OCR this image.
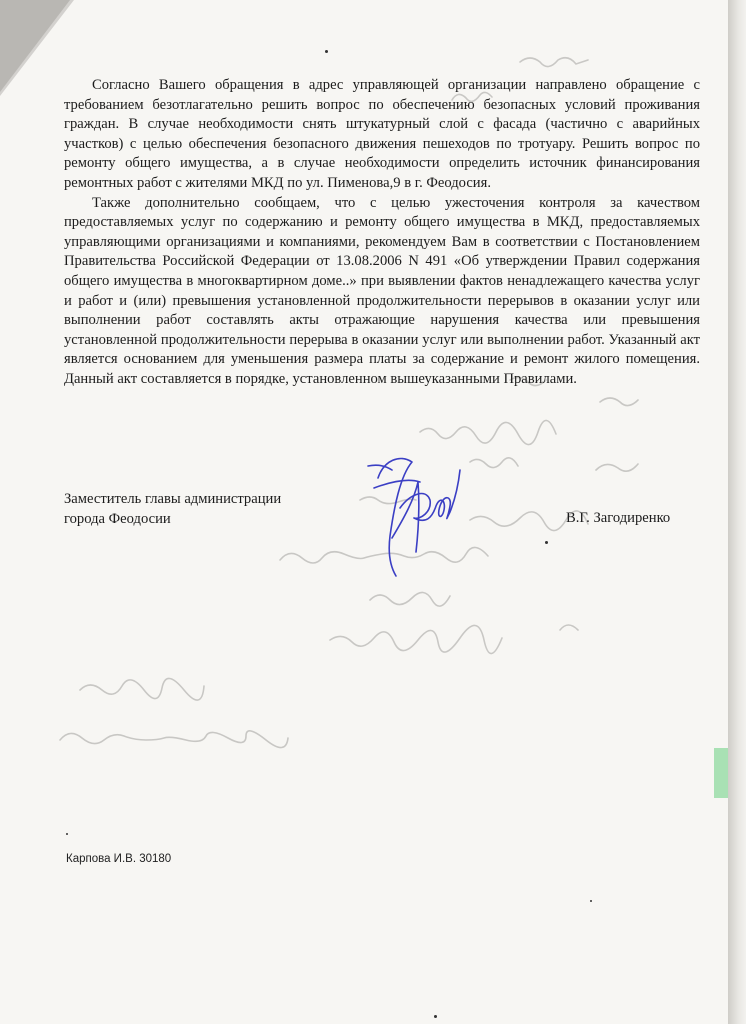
Согласно Вашего обращения в адрес управляющей организации направлено обращение с требованием безотлагательно решить вопрос по обеспечению безопасных условий проживания граждан. В случае необходимости снять штукатурный слой с фасада (частично с аварийных участков) с целью обеспечения безопасного движения пешеходов по тротуару. Решить вопрос по ремонту общего имущества, а в случае необходимости определить источник финансирования ремонтных работ с жителями МКД по ул. Пименова,9 в г. Феодосия.

Также дополнительно сообщаем, что с целью ужесточения контроля за качеством предоставляемых услуг по содержанию и ремонту общего имущества в МКД, предоставляемых управляющими организациями и компаниями, рекомендуем Вам в соответствии с Постановлением Правительства Российской Федерации от 13.08.2006 N 491 «Об утверждении Правил содержания общего имущества в многоквартирном доме..» при выявлении фактов ненадлежащего качества услуг и работ и (или) превышения установленной продолжительности перерывов в оказании услуг или выполнении работ составлять акты отражающие нарушения качества или превышения установленной продолжительности перерыва в оказании услуг или выполнении работ. Указанный акт является основанием для уменьшения размера платы за содержание и ремонт жилого помещения. Данный акт составляется в порядке, установленном вышеуказанными Правилами.

Заместитель главы администрации
города Феодосии	В.Г. Загодиренко
Карпова И.В. 30180
